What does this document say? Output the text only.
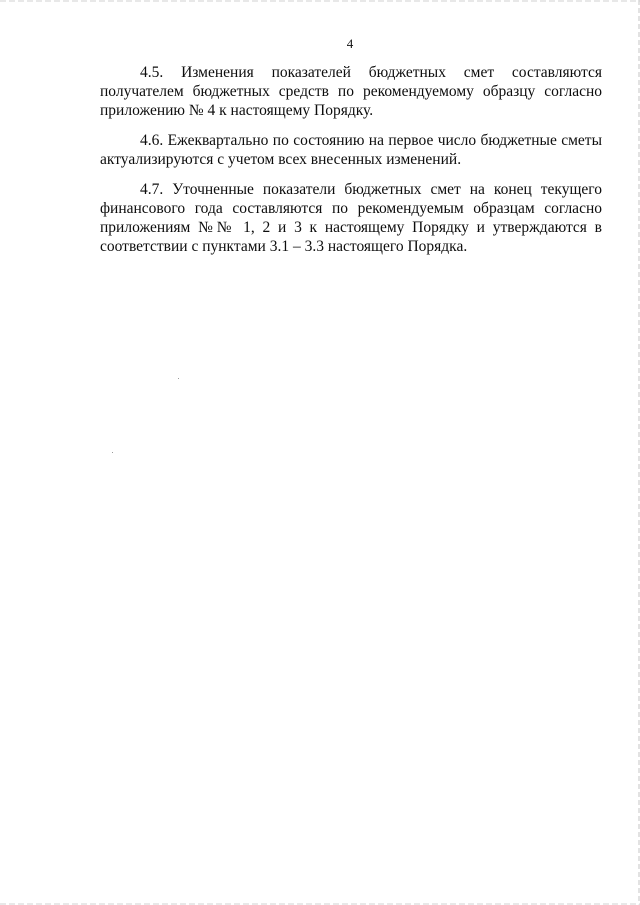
4

4.5. Изменения показателей бюджетных смет составляются получателем бюджетных средств по рекомендуемому образцу согласно приложению № 4 к настоящему Порядку.

4.6. Ежеквартально по состоянию на первое число бюджетные сметы актуализируются с учетом всех внесенных изменений.

4.7. Уточненные показатели бюджетных смет на конец текущего финансового года составляются по рекомендуемым образцам согласно приложениям №№ 1, 2 и 3 к настоящему Порядку и утверждаются в соответствии с пунктами 3.1 – 3.3 настоящего Порядка.
